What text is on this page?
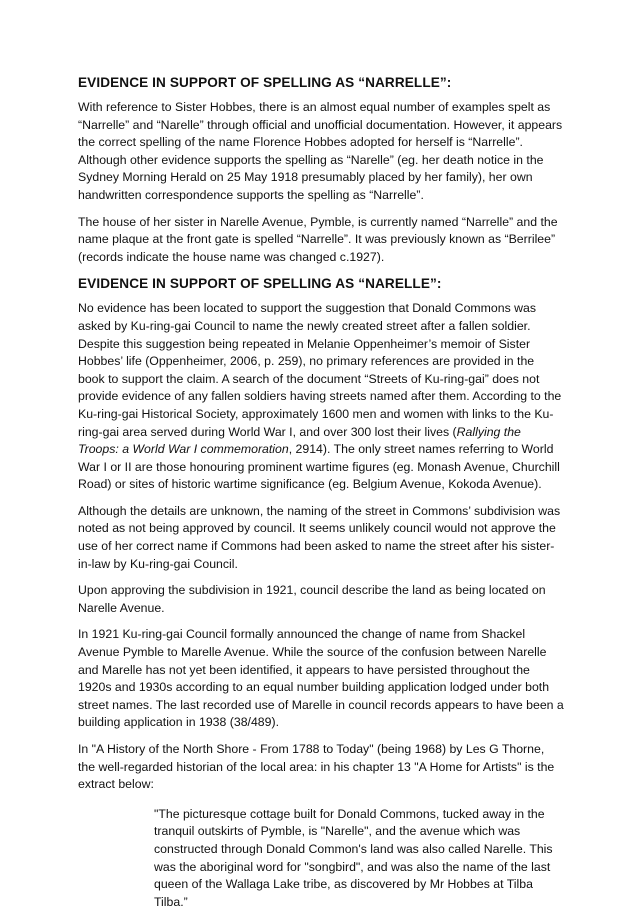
EVIDENCE IN SUPPORT OF SPELLING AS “NARRELLE”:

With reference to Sister Hobbes, there is an almost equal number of examples spelt as “Narrelle” and “Narelle” through official and unofficial documentation. However, it appears the correct spelling of the name Florence Hobbes adopted for herself is “Narrelle”. Although other evidence supports the spelling as “Narelle” (eg. her death notice in the Sydney Morning Herald on 25 May 1918 presumably placed by her family), her own handwritten correspondence supports the spelling as “Narrelle”.

The house of her sister in Narelle Avenue, Pymble, is currently named “Narrelle” and the name plaque at the front gate is spelled “Narrelle”. It was previously known as “Berrilee” (records indicate the house name was changed c.1927).

EVIDENCE IN SUPPORT OF SPELLING AS “NARELLE”:

No evidence has been located to support the suggestion that Donald Commons was asked by Ku-ring-gai Council to name the newly created street after a fallen soldier. Despite this suggestion being repeated in Melanie Oppenheimer’s memoir of Sister Hobbes’ life (Oppenheimer, 2006, p. 259), no primary references are provided in the book to support the claim. A search of the document “Streets of Ku-ring-gai” does not provide evidence of any fallen soldiers having streets named after them. According to the Ku-ring-gai Historical Society, approximately 1600 men and women with links to the Ku-ring-gai area served during World War I, and over 300 lost their lives (Rallying the Troops: a World War I commemoration, 2914). The only street names referring to World War I or II are those honouring prominent wartime figures (eg. Monash Avenue, Churchill Road) or sites of historic wartime significance (eg. Belgium Avenue, Kokoda Avenue).

Although the details are unknown, the naming of the street in Commons’ subdivision was noted as not being approved by council. It seems unlikely council would not approve the use of her correct name if Commons had been asked to name the street after his sister-in-law by Ku-ring-gai Council.

Upon approving the subdivision in 1921, council describe the land as being located on Narelle Avenue.

In 1921 Ku-ring-gai Council formally announced the change of name from Shackel Avenue Pymble to Marelle Avenue. While the source of the confusion between Narelle and Marelle has not yet been identified, it appears to have persisted throughout the 1920s and 1930s according to an equal number building application lodged under both street names. The last recorded use of Marelle in council records appears to have been a building application in 1938 (38/489).

In "A History of the North Shore - From 1788 to Today" (being 1968) by Les G Thorne, the well-regarded historian of the local area: in his chapter 13 "A Home for Artists" is the extract below:

"The picturesque cottage built for Donald Commons, tucked away in the tranquil outskirts of Pymble, is "Narelle", and the avenue which was constructed through Donald Common's land was also called Narelle. This was the aboriginal word for "songbird", and was also the name of the last queen of the Wallaga Lake tribe, as discovered by Mr Hobbes at Tilba Tilba.”
